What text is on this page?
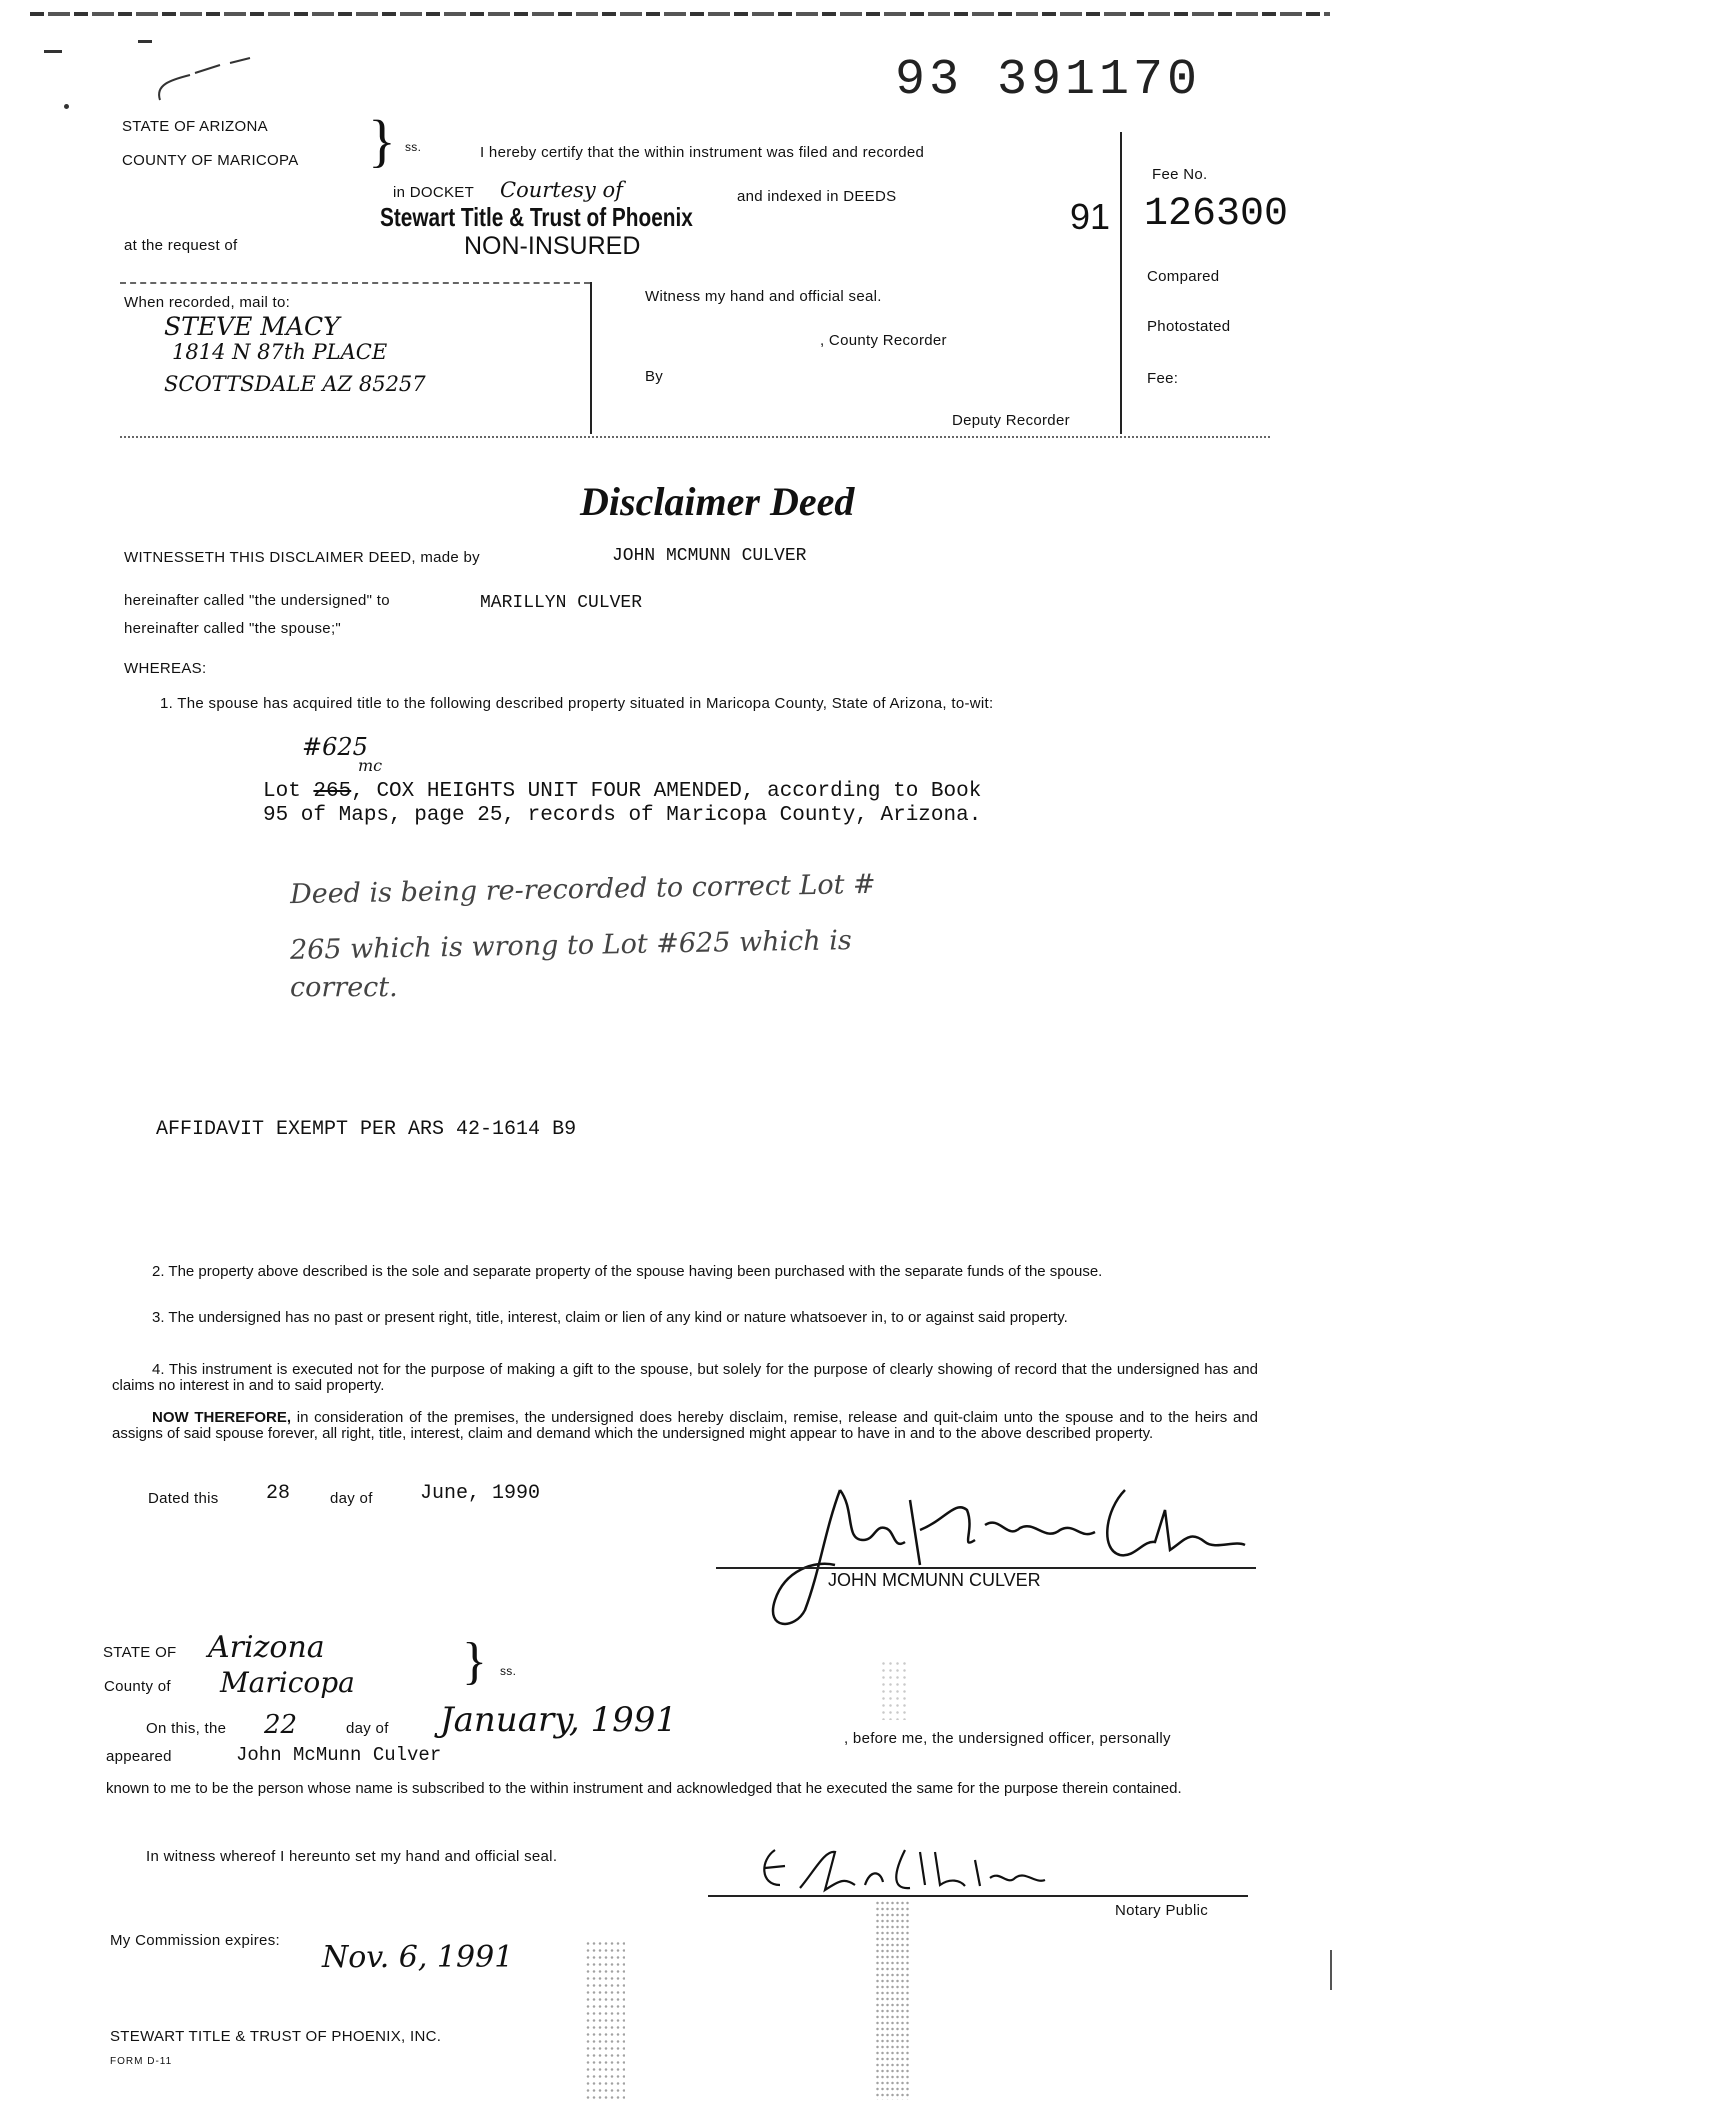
93 391170
STATE OF ARIZONA
COUNTY OF MARICOPA } ss.	I hereby certify that the within instrument was filed and recorded
in DOCKET Courtesy of	and indexed in DEEDS
Stewart Title & Trust of Phoenix
NON-INSURED
at the request of
91
Fee No.
126300
Compared
Photostated
Fee:
Witness my hand and official seal.
, County Recorder
By
Deputy Recorder
When recorded, mail to:
STEVE MACY
1814 N 87th PLACE
SCOTTSDALE AZ 85257
Disclaimer Deed
WITNESSETH THIS DISCLAIMER DEED, made by	JOHN MCMUNN CULVER
hereinafter called "the undersigned" to	MARILLYN CULVER
hereinafter called "the spouse;"
WHEREAS:
1. The spouse has acquired title to the following described property situated in Maricopa County, State of Arizona, to-wit:
#625
mc
Lot 265, COX HEIGHTS UNIT FOUR AMENDED, according to Book
95 of Maps, page 25, records of Maricopa County, Arizona.
Deed is being re-recorded to correct Lot #
265 which is wrong to Lot #625 which is
correct.
AFFIDAVIT EXEMPT PER ARS 42-1614 B9
2. The property above described is the sole and separate property of the spouse having been purchased with the separate funds of the spouse.
3. The undersigned has no past or present right, title, interest, claim or lien of any kind or nature whatsoever in, to or against said property.
4. This instrument is executed not for the purpose of making a gift to the spouse, but solely for the purpose of clearly showing of record that the undersigned has and claims no interest in and to said property.
NOW THEREFORE, in consideration of the premises, the undersigned does hereby disclaim, remise, release and quit-claim unto the spouse and to the heirs and assigns of said spouse forever, all right, title, interest, claim and demand which the undersigned might appear to have in and to the above described property.
Dated this 28	day of June, 1990
JOHN MCMUNN CULVER
STATE OF Arizona
County of Maricopa } ss.
On this, the 22	day of January, 1991	, before me, the undersigned officer, personally
appeared	John McMunn Culver
known to me to be the person whose name is subscribed to the within instrument and acknowledged that he executed the same for the purpose therein contained.
In witness whereof I hereunto set my hand and official seal.
Notary Public
My Commission expires: Nov. 6, 1991
STEWART TITLE & TRUST OF PHOENIX, INC.
FORM D-11
